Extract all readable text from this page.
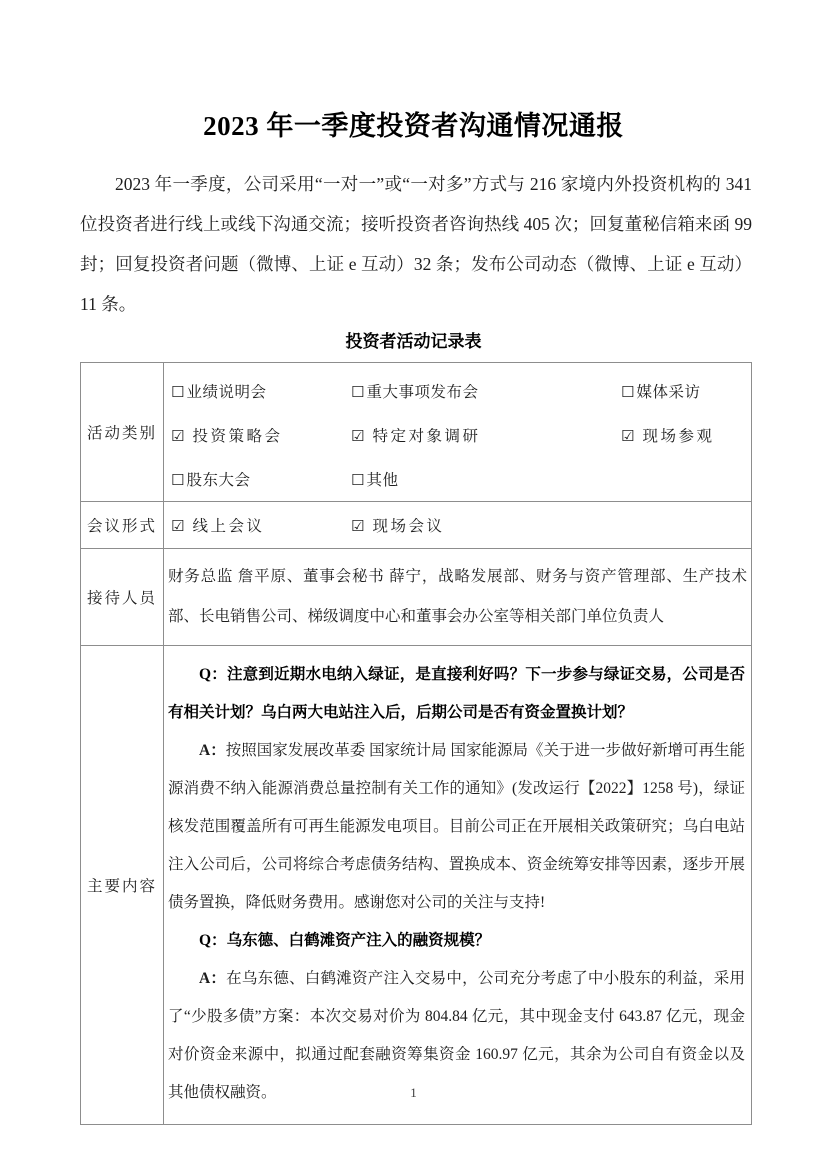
2023 年一季度投资者沟通情况通报

2023 年一季度，公司采用“一对一”或“一对多”方式与 216 家境内外投资机构的 341 位投资者进行线上或线下沟通交流；接听投资者咨询热线 405 次；回复董秘信箱来函 99 封；回复投资者问题（微博、上证 e 互动）32 条；发布公司动态（微博、上证 e 互动）11 条。

投资者活动记录表
活动类别	
☐ 业绩说明会	☐ 重大事项发布会	☐ 媒体采访
☑ 投资策略会	☑ 特定对象调研	☑ 现场参观
☐ 股东大会	☐ 其他

会议形式	☑ 线上会议 ☑ 现场会议

接待人员	财务总监 詹平原、董事会秘书 薛宁，战略发展部、财务与资产管理部、生产技术部、长电销售公司、梯级调度中心和董事会办公室等相关部门单位负责人

主要内容	Q：注意到近期水电纳入绿证，是直接利好吗？下一步参与绿证交易，公司是否有相关计划？乌白两大电站注入后，后期公司是否有资金置换计划？

A：按照国家发展改革委 国家统计局 国家能源局《关于进一步做好新增可再生能源消费不纳入能源消费总量控制有关工作的通知》(发改运行【2022】1258 号)，绿证核发范围覆盖所有可再生能源发电项目。目前公司正在开展相关政策研究；乌白电站注入公司后，公司将综合考虑债务结构、置换成本、资金统筹安排等因素，逐步开展债务置换，降低财务费用。感谢您对公司的关注与支持!

Q：乌东德、白鹤滩资产注入的融资规模？

A：在乌东德、白鹤滩资产注入交易中，公司充分考虑了中小股东的利益，采用了“少股多债”方案：本次交易对价为 804.84 亿元，其中现金支付 643.87 亿元，现金对价资金来源中，拟通过配套融资筹集资金 160.97 亿元，其余为公司自有资金以及其他债权融资。	1
